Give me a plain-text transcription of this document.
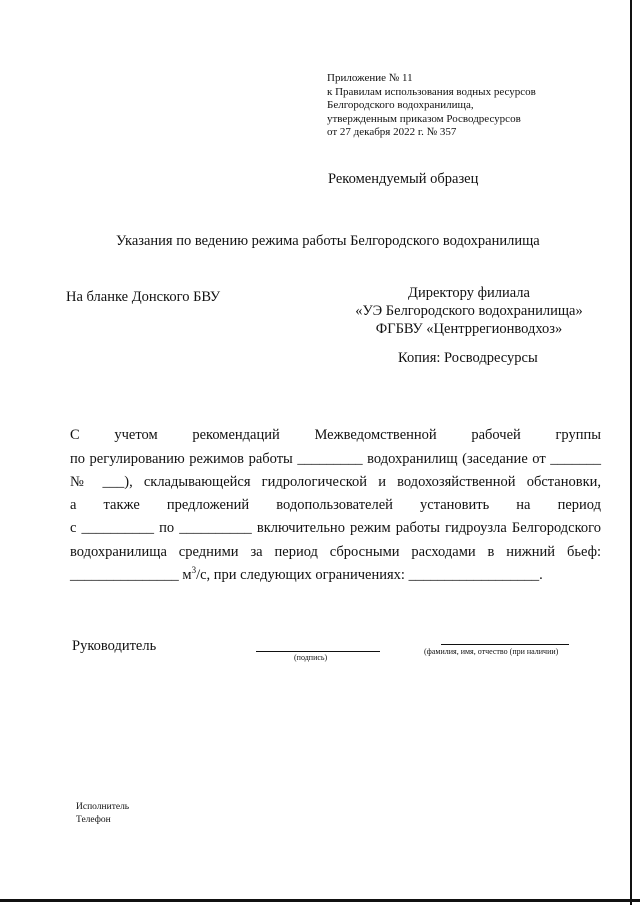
Приложение № 11
к Правилам использования водных ресурсов
Белгородского водохранилища,
утвержденным приказом Росводресурсов
от 27 декабря 2022 г. № 357
Рекомендуемый образец
Указания по ведению режима работы Белгородского водохранилища
На бланке Донского БВУ	Директору филиала
«УЭ Белгородского водохранилища»
ФГБВУ «Центррегионводхоз»
Копия: Росводресурсы
С учетом рекомендаций Межведомственной рабочей группы
по регулированию режимов работы _________ водохранилищ (заседание от _______
№ ___), складывающейся гидрологической и водохозяйственной обстановки,
а также предложений водопользователей установить на период
с __________ по __________ включительно режим работы гидроузла Белгородского
водохранилища средними за период сбросными расходами в нижний бьеф:
_______________ $м^3/с$, при следующих ограничениях: __________________.
Руководитель
(подпись)
(фамилия, имя, отчество (при наличии)
Исполнитель
Телефон
